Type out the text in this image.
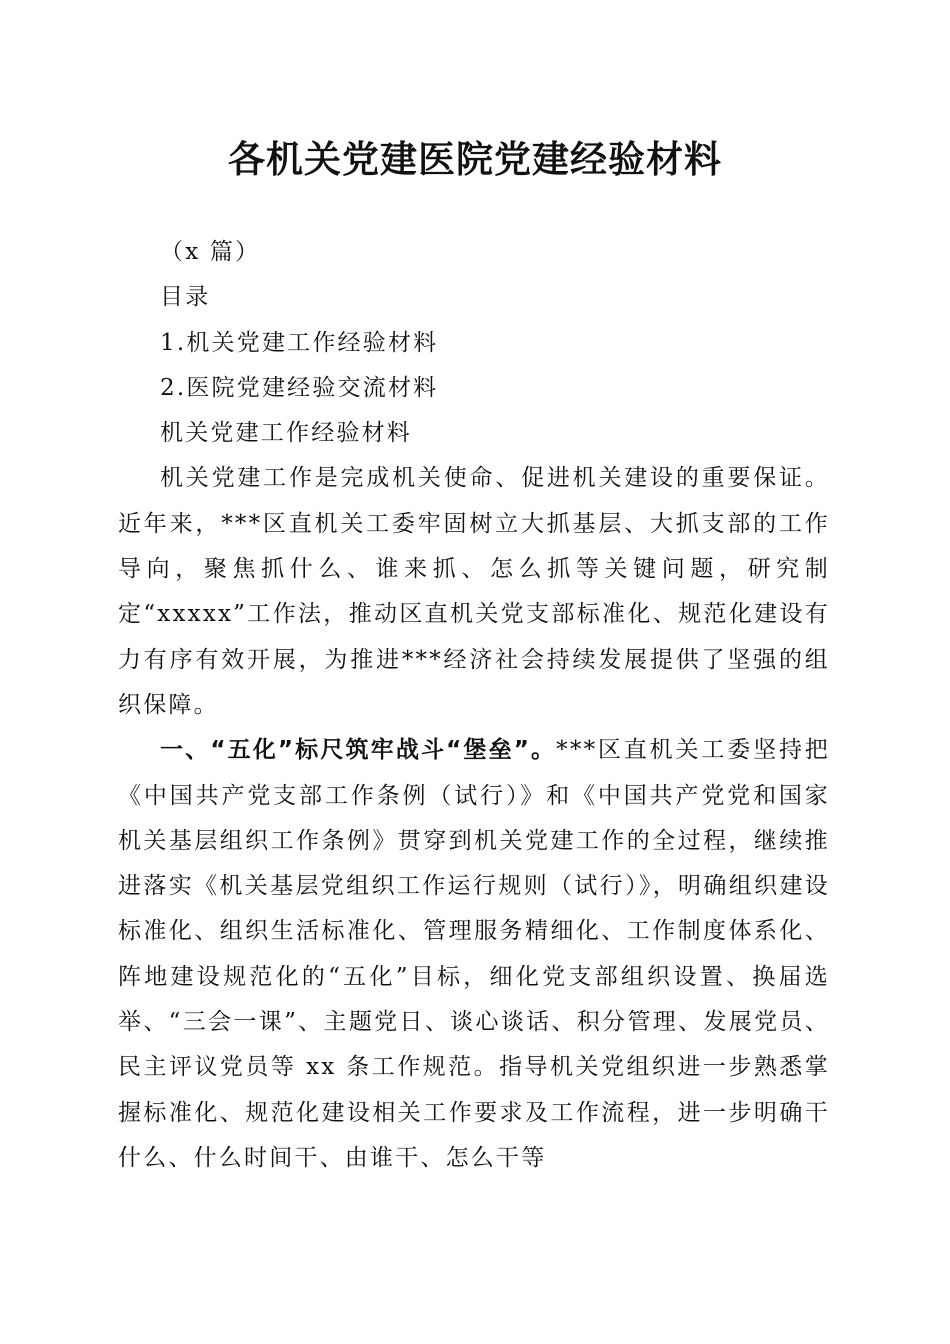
各机关党建医院党建经验材料

（x 篇）

目录

1.机关党建工作经验材料

2.医院党建经验交流材料

机关党建工作经验材料

机关党建工作是完成机关使命、促进机关建设的重要保证。近年来，***区直机关工委牢固树立大抓基层、大抓支部的工作导向，聚焦抓什么、谁来抓、怎么抓等关键问题，研究制定“xxxxx”工作法，推动区直机关党支部标准化、规范化建设有力有序有效开展，为推进***经济社会持续发展提供了坚强的组织保障。

一、“五化”标尺筑牢战斗“堡垒”。***区直机关工委坚持把《中国共产党支部工作条例（试行）》和《中国共产党党和国家机关基层组织工作条例》贯穿到机关党建工作的全过程，继续推进落实《机关基层党组织工作运行规则（试行）》，明确组织建设标准化、组织生活标准化、管理服务精细化、工作制度体系化、阵地建设规范化的“五化”目标，细化党支部组织设置、换届选举、“三会一课”、主题党日、谈心谈话、积分管理、发展党员、民主评议党员等 xx 条工作规范。指导机关党组织进一步熟悉掌握标准化、规范化建设相关工作要求及工作流程，进一步明确干什么、什么时间干、由谁干、怎么干等
